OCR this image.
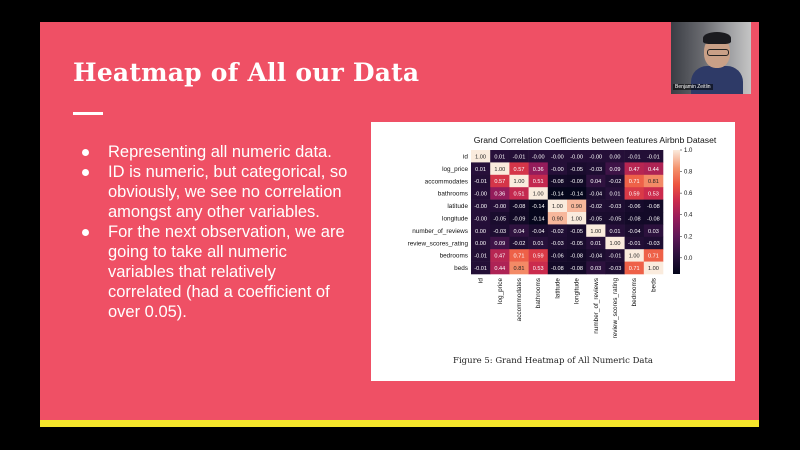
Heatmap of All our Data
Representing all numeric data.
ID is numeric, but categorical, so obviously, we see no correlation amongst any other variables.
For the next observation, we are going to take all numeric variables that relatively correlated (had a coefficient of over 0.05).
Grand Correlation Coefficients between features Airbnb Dataset
1.00 0.01 -0.01 -0.00 -0.00 -0.00 -0.00 0.00 -0.01 -0.01
id
0.01 1.00 0.57 0.36 -0.00 -0.05 -0.03 0.09 0.47 0.44
log_price
-0.01 0.57 1.00 0.51 -0.08 -0.09 0.04 -0.02 0.71 0.81
accommodates
-0.00 0.36 0.51 1.00 -0.14 -0.14 -0.04 0.01 0.59 0.53
bathrooms
-0.00 -0.00 -0.08 -0.14 1.00 0.90 -0.02 -0.03 -0.06 -0.08
latitude
-0.00 -0.05 -0.09 -0.14 0.90 1.00 -0.05 -0.05 -0.08 -0.08
longitude
0.00 -0.03 0.04 -0.04 -0.02 -0.05 1.00 0.01 -0.04 0.03
number_of_reviews
0.00 0.09 -0.02 0.01 -0.03 -0.05 0.01 1.00 -0.01 -0.03
review_scores_rating
-0.01 0.47 0.71 0.59 -0.06 -0.08 -0.04 -0.01 1.00 0.71
bedrooms
-0.01 0.44 0.81 0.53 -0.08 -0.08 0.03 -0.03 0.71 1.00
beds
id log_price accommodates bathrooms latitude longitude number_of_reviews review_scores_rating bedrooms beds
1.0
0.8
0.6
0.4
0.2
0.0
Figure 5: Grand Heatmap of All Numeric Data
Benjamin Zeitlin
